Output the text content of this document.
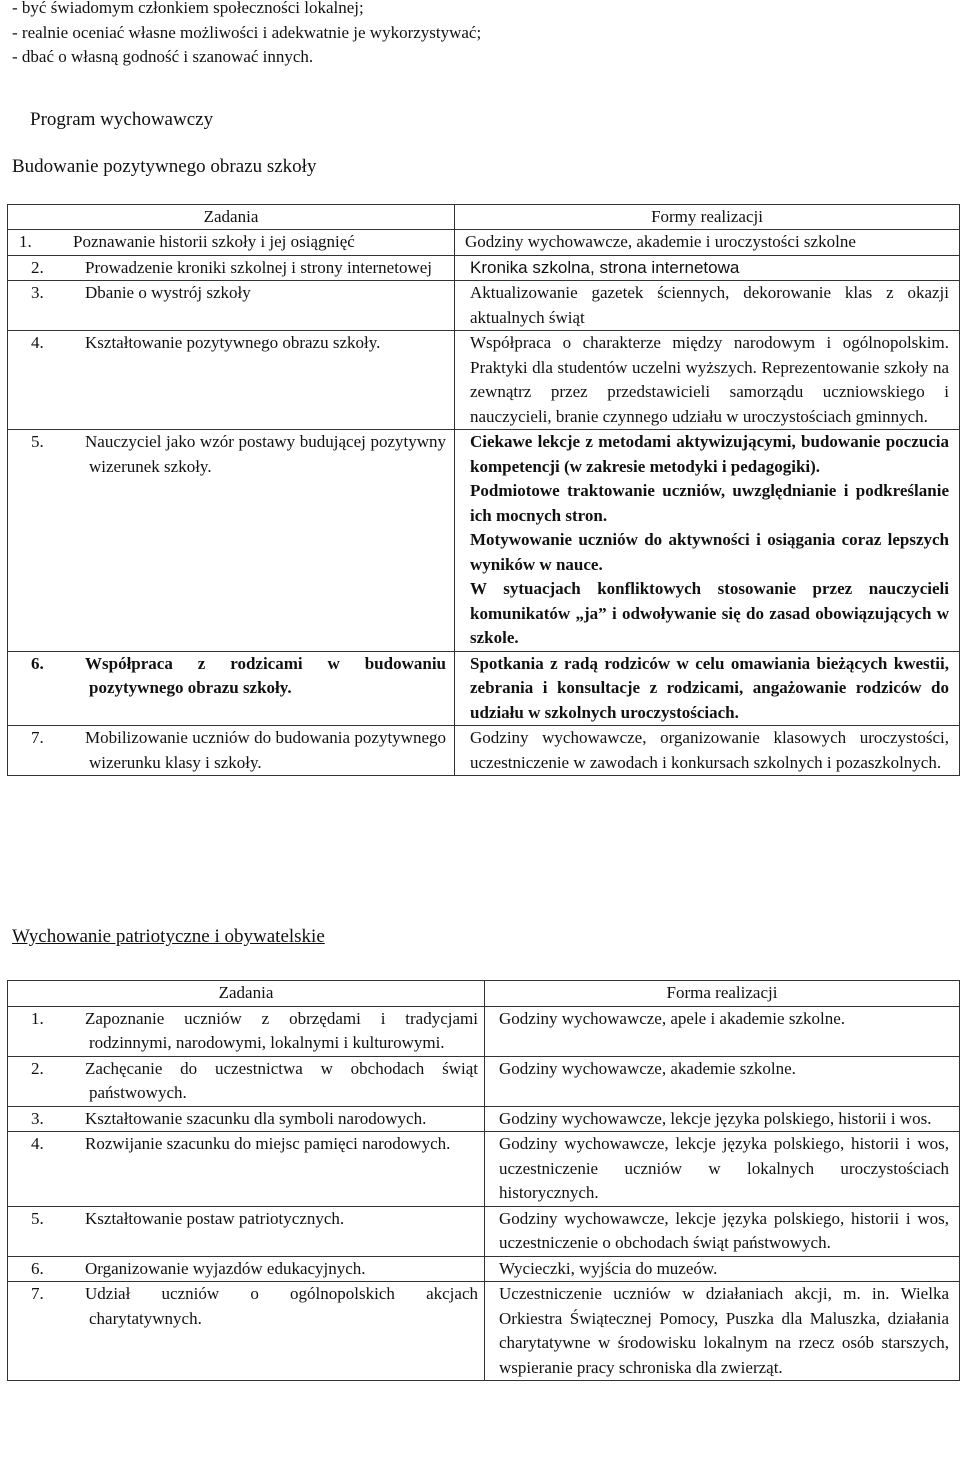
- być świadomym członkiem społeczności lokalnej;
- realnie oceniać własne możliwości i adekwatnie je wykorzystywać;
- dbać o własną godność i szanować innych.
Program wychowawczy
Budowanie pozytywnego obrazu szkoły
Zadania	Formy realizacji

1. Poznawanie historii szkoły i jej osiągnięć	Godziny wychowawcze, akademie i uroczystości szkolne

2. Prowadzenie kroniki szkolnej i strony internetowej	Kronika szkolna, strona internetowa

3. Dbanie o wystrój szkoły	Aktualizowanie gazetek ściennych, dekorowanie klas z okazji aktualnych świąt

4. Kształtowanie pozytywnego obrazu szkoły.	Współpraca o charakterze między narodowym i ogólnopolskim. Praktyki dla studentów uczelni wyższych. Reprezentowanie szkoły na zewnątrz przez przedstawicieli samorządu uczniowskiego i nauczycieli, branie czynnego udziału w uroczystościach gminnych.

5. Nauczyciel jako wzór postawy budującej pozytywny wizerunek szkoły.	Ciekawe lekcje z metodami aktywizującymi, budowanie poczucia kompetencji (w zakresie metodyki i pedagogiki).
Podmiotowe traktowanie uczniów, uwzględnianie i podkreślanie ich mocnych stron.
Motywowanie uczniów do aktywności i osiągania coraz lepszych wyników w nauce.
W sytuacjach konfliktowych stosowanie przez nauczycieli komunikatów „ja” i odwoływanie się do zasad obowiązujących w szkole.

6. Współpraca z rodzicami w budowaniu pozytywnego obrazu szkoły.	Spotkania z radą rodziców w celu omawiania bieżących kwestii, zebrania i konsultacje z rodzicami, angażowanie rodziców do udziału w szkolnych uroczystościach.

7. Mobilizowanie uczniów do budowania pozytywnego wizerunku klasy i szkoły.	Godziny wychowawcze, organizowanie klasowych uroczystości, uczestniczenie w zawodach i konkursach szkolnych i pozaszkolnych.
Wychowanie patriotyczne i obywatelskie
Zadania	Forma realizacji

1. Zapoznanie uczniów z obrzędami i tradycjami rodzinnymi, narodowymi, lokalnymi i kulturowymi.	Godziny wychowawcze, apele i akademie szkolne.

2. Zachęcanie do uczestnictwa w obchodach świąt państwowych.	Godziny wychowawcze, akademie szkolne.

3. Kształtowanie szacunku dla symboli narodowych.	Godziny wychowawcze, lekcje języka polskiego, historii i wos.

4. Rozwijanie szacunku do miejsc pamięci narodowych.	Godziny wychowawcze, lekcje języka polskiego, historii i wos, uczestniczenie uczniów w lokalnych uroczystościach historycznych.

5. Kształtowanie postaw patriotycznych.	Godziny wychowawcze, lekcje języka polskiego, historii i wos, uczestniczenie o obchodach świąt państwowych.

6. Organizowanie wyjazdów edukacyjnych.	Wycieczki, wyjścia do muzeów.

7. Udział uczniów o ogólnopolskich akcjach charytatywnych.	Uczestniczenie uczniów w działaniach akcji, m. in. Wielka Orkiestra Świątecznej Pomocy, Puszka dla Maluszka, działania charytatywne w środowisku lokalnym na rzecz osób starszych, wspieranie pracy schroniska dla zwierząt.
